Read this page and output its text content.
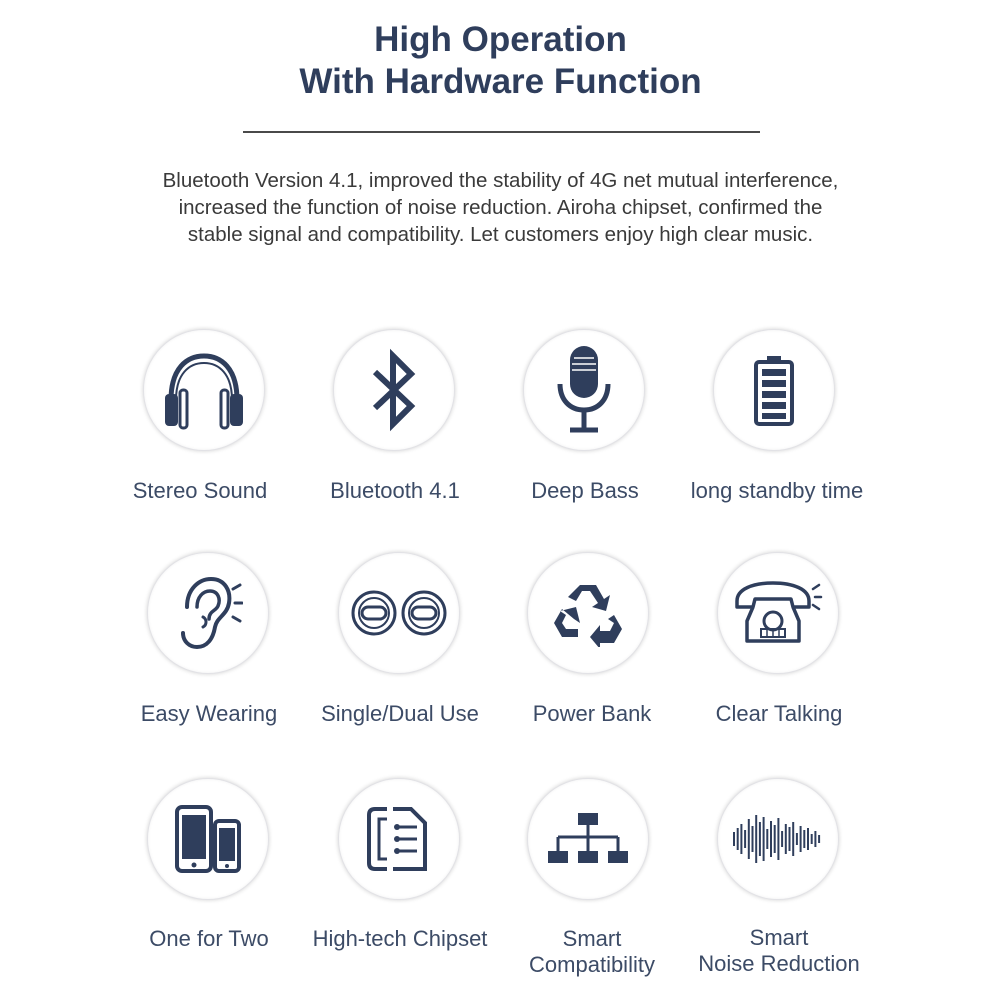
High Operation
With Hardware Function

Bluetooth Version 4.1, improved the stability of 4G net mutual interference,

increased the function of noise reduction. Airoha chipset, confirmed the

stable signal and compatibility. Let customers enjoy high clear music.

Stereo Sound	Bluetooth 4.1	Deep Bass	long standby time
Easy Wearing	Single/Dual Use	Power Bank	Clear Talking
One for Two	High-tech Chipset	Smart
Compatibility
Smart
Noise Reduction
